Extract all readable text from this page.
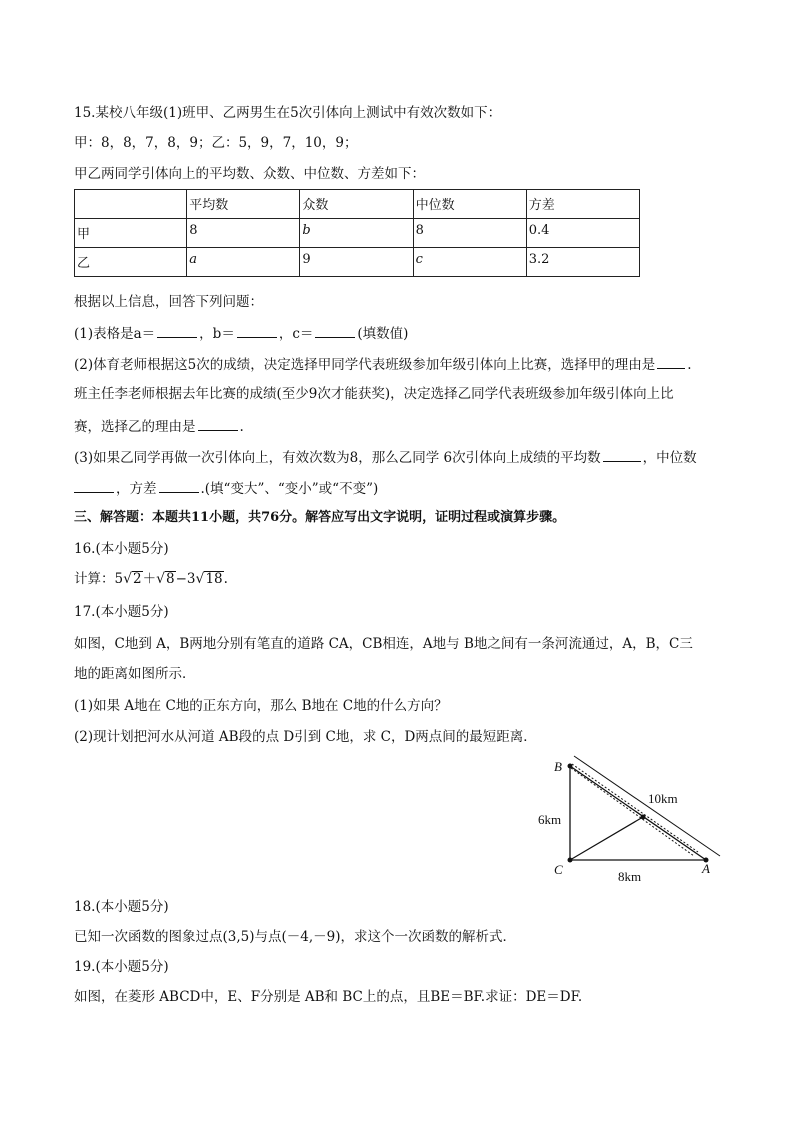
15.某校八年级(1)班甲、乙两男生在5次引体向上测试中有效次数如下：
甲：8，8，7，8，9；乙：5，9，7，10，9；
甲乙两同学引体向上的平均数、众数、中位数、方差如下：
	平均数	众数	中位数	方差
甲	8	b	8	0.4
乙	a	9	c	3.2
根据以上信息，回答下列问题：
(1)表格是a＝	，b＝	，c＝	(填数值)
(2)体育老师根据这5次的成绩，决定选择甲同学代表班级参加年级引体向上比赛，选择甲的理由是 .
班主任李老师根据去年比赛的成绩(至少9次才能获奖)，决定选择乙同学代表班级参加年级引体向上比
赛，选择乙的理由是	.
(3)如果乙同学再做一次引体向上，有效次数为8，那么乙同学 6次引体向上成绩的平均数	，中位数
，方差	.(填“变大”、“变小”或“不变”)
三、解答题：本题共11小题，共76分。解答应写出文字说明，证明过程或演算步骤。
16.(本小题5分)
计算：5√2＋√8−3√18.
17.(本小题5分)
如图，C地到 A，B两地分别有笔直的道路 CA，CB相连，A地与 B地之间有一条河流通过，A，B，C三
地的距离如图所示．
(1)如果 A地在 C地的正东方向，那么 B地在 C地的什么方向？
(2)现计划把河水从河道 AB段的点 D引到 C地，求 C，D两点间的最短距离．
B
C	A
6km
10km
8km
18.(本小题5分)
已知一次函数的图象过点(3,5)与点(－4,－9)，求这个一次函数的解析式．
19.(本小题5分)
如图，在菱形 ABCD中，E、F分别是 AB和 BC上的点，且BE＝BF.求证：DE＝DF.
